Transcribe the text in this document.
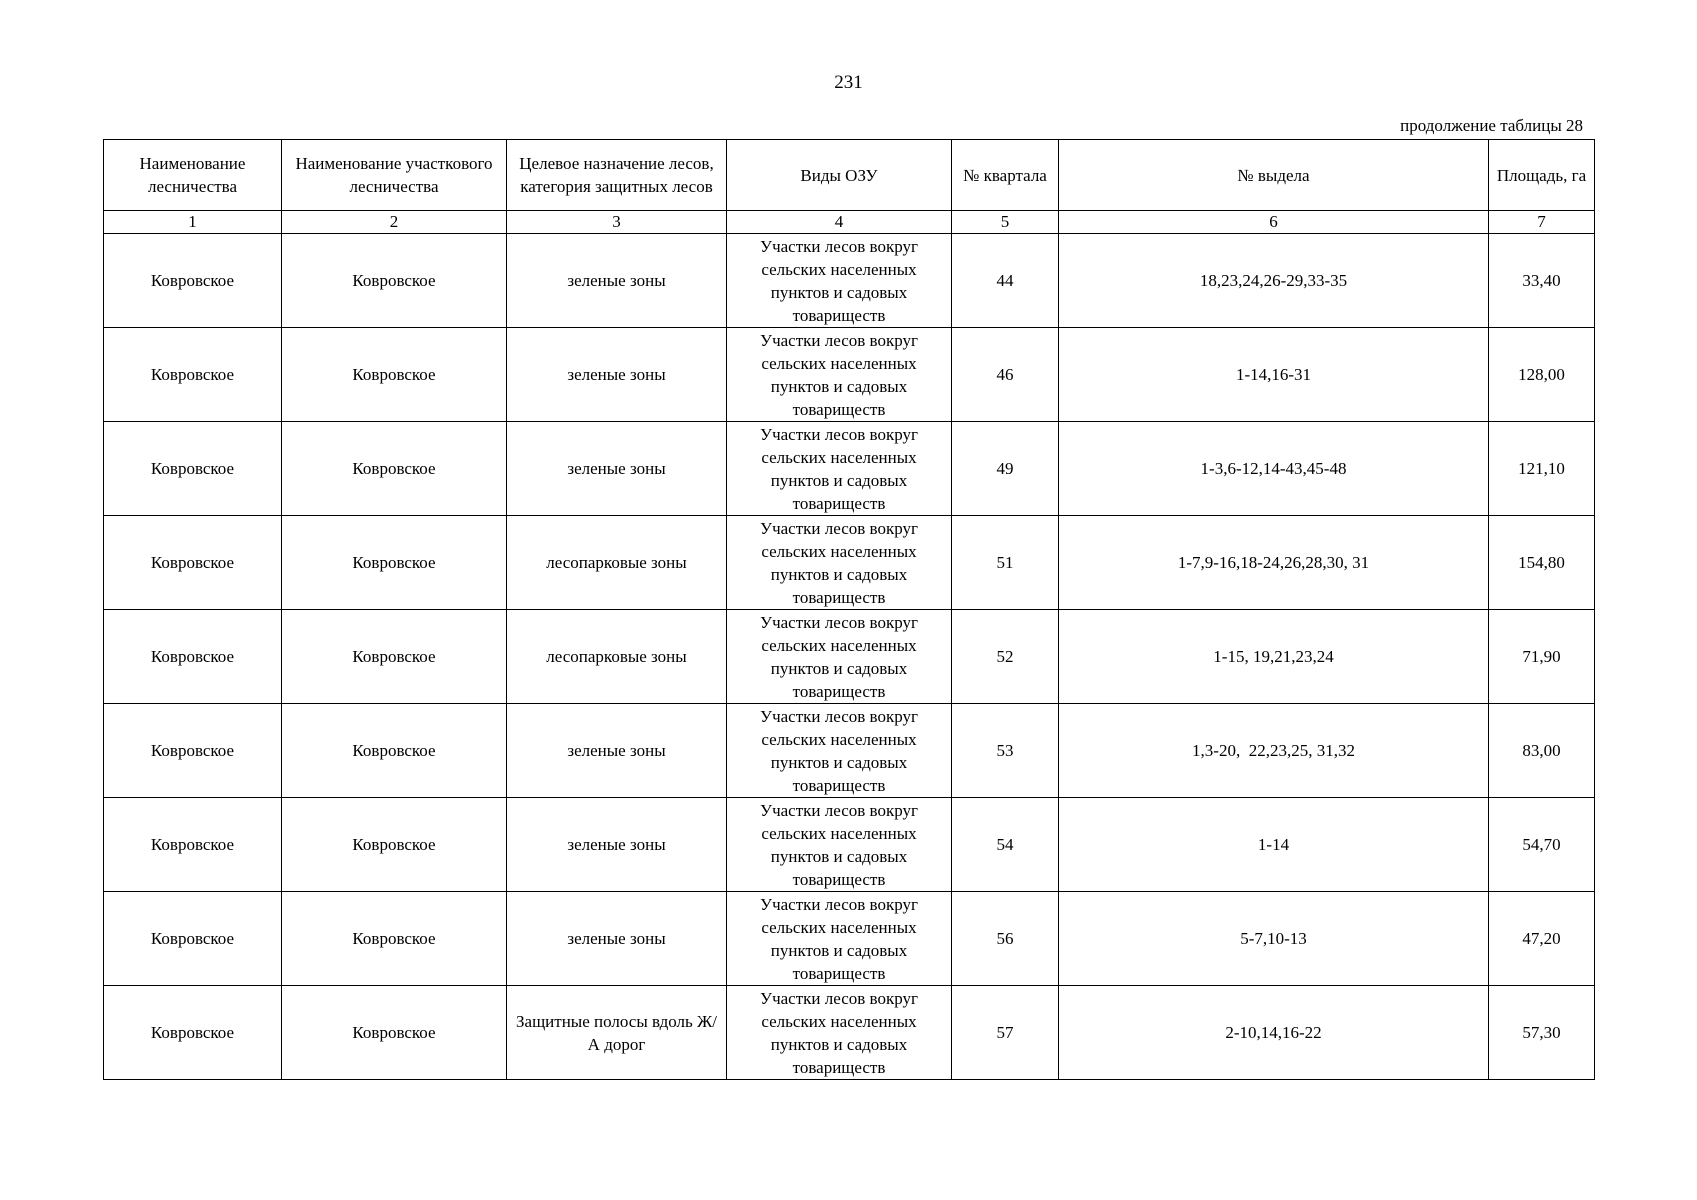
231
продолжение таблицы 28
Наименование лесничества	Наименование участкового лесничества	Целевое назначение лесов, категория защитных лесов	Виды ОЗУ	№ квартала	№ выдела	Площадь, га
1	2	3	4	5	6	7
Ковровское	Ковровское	зеленые зоны	Участки лесов вокруг сельских населенных пунктов и садовых товариществ	44	18,23,24,26-29,33-35	33,40
Ковровское	Ковровское	зеленые зоны	Участки лесов вокруг сельских населенных пунктов и садовых товариществ	46	1-14,16-31	128,00
Ковровское	Ковровское	зеленые зоны	Участки лесов вокруг сельских населенных пунктов и садовых товариществ	49	1-3,6-12,14-43,45-48	121,10
Ковровское	Ковровское	лесопарковые зоны	Участки лесов вокруг сельских населенных пунктов и садовых товариществ	51	1-7,9-16,18-24,26,28,30, 31	154,80
Ковровское	Ковровское	лесопарковые зоны	Участки лесов вокруг сельских населенных пунктов и садовых товариществ	52	1-15, 19,21,23,24	71,90
Ковровское	Ковровское	зеленые зоны	Участки лесов вокруг сельских населенных пунктов и садовых товариществ	53	1,3-20,  22,23,25, 31,32	83,00
Ковровское	Ковровское	зеленые зоны	Участки лесов вокруг сельских населенных пунктов и садовых товариществ	54	1-14	54,70
Ковровское	Ковровское	зеленые зоны	Участки лесов вокруг сельских населенных пунктов и садовых товариществ	56	5-7,10-13	47,20
Ковровское	Ковровское	Защитные полосы вдоль Ж/А дорог	Участки лесов вокруг сельских населенных пунктов и садовых товариществ	57	2-10,14,16-22	57,30
